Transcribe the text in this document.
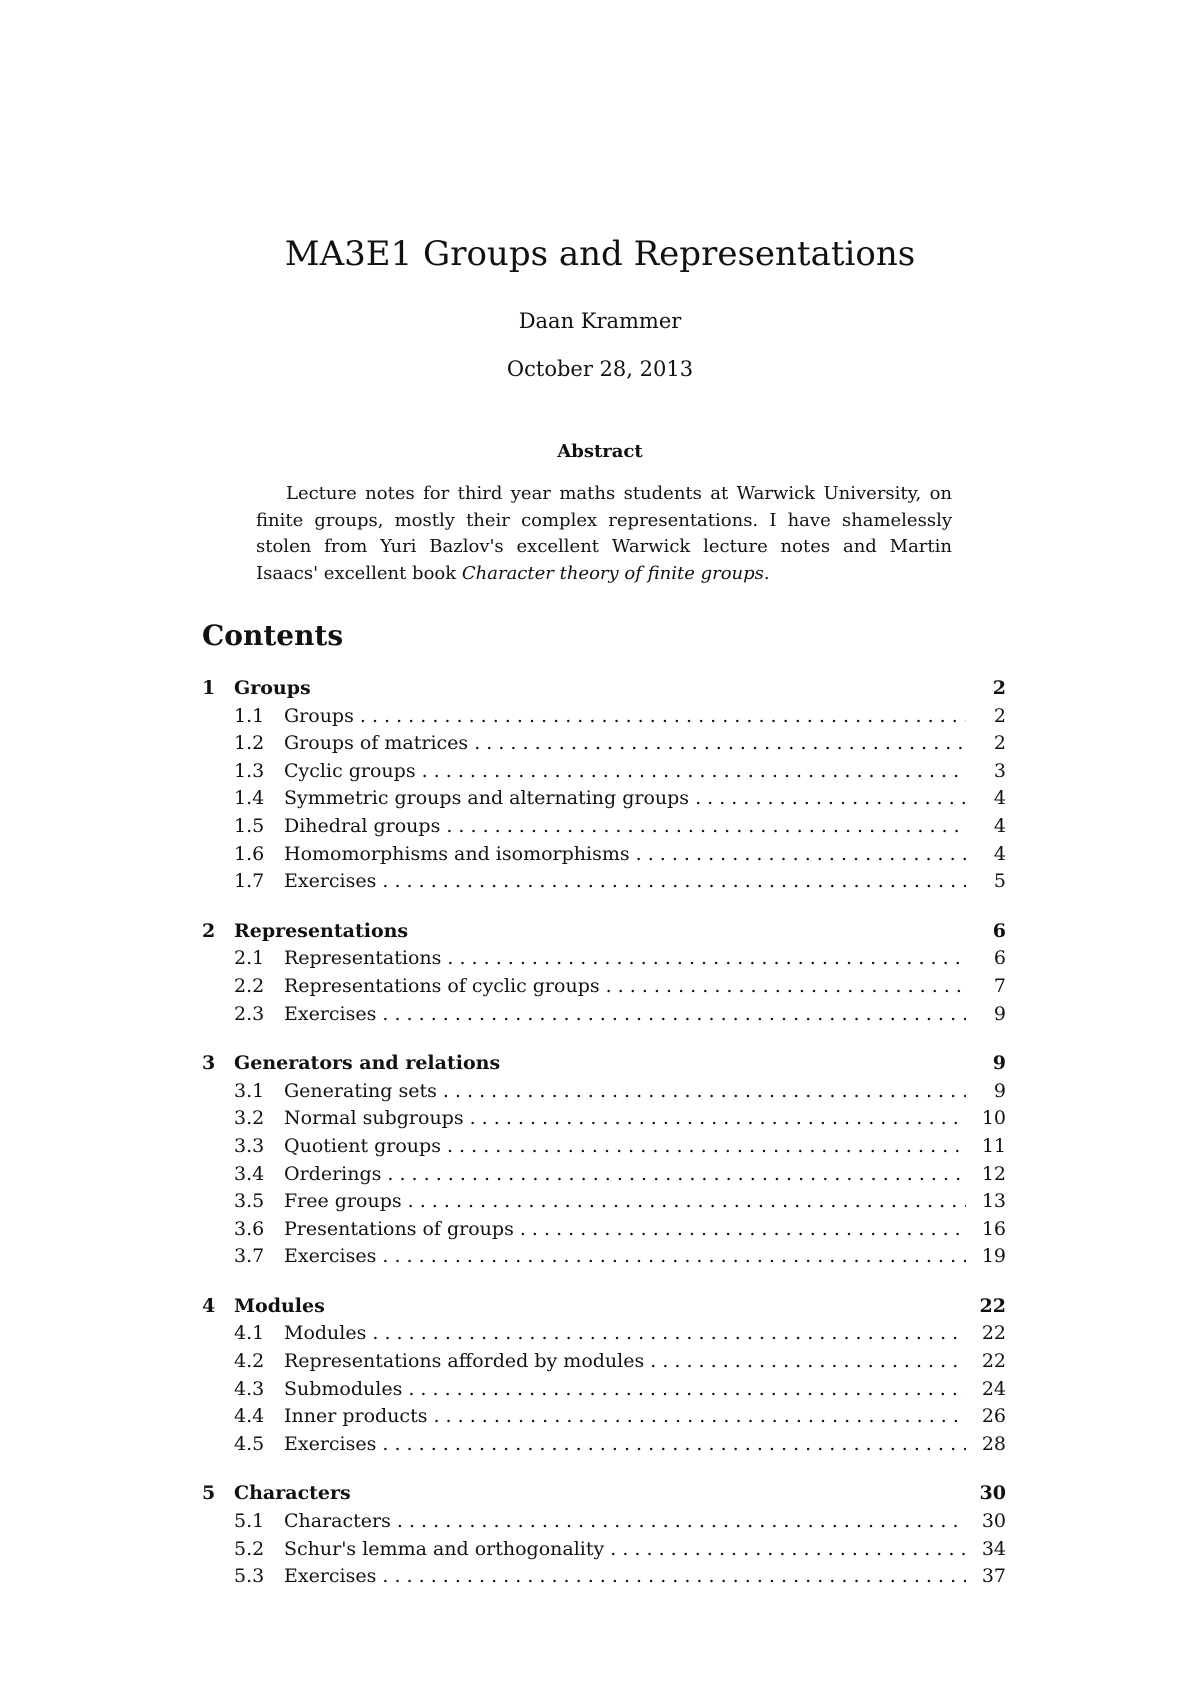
MA3E1 Groups and Representations
Daan Krammer
October 28, 2013
Abstract
Lecture notes for third year maths students at Warwick University, on finite groups, mostly their complex representations. I have shamelessly stolen from Yuri Bazlov's excellent Warwick lecture notes and Martin Isaacs' excellent book Character theory of finite groups.
Contents
1 Groups	2
1.1	Groups . . .	2
1.2	Groups of matrices . . .	2
1.3	Cyclic groups . . .	3
1.4	Symmetric groups and alternating groups . . .	4
1.5	Dihedral groups . . .	4
1.6	Homomorphisms and isomorphisms . . .	4
1.7	Exercises . . .	5
2 Representations	6
2.1	Representations . . .	6
2.2	Representations of cyclic groups . . .	7
2.3	Exercises . . .	9
3 Generators and relations	9
3.1	Generating sets . . .	9
3.2	Normal subgroups . . .	10
3.3	Quotient groups . . .	11
3.4	Orderings . . .	12
3.5	Free groups . . .	13
3.6	Presentations of groups . . .	16
3.7	Exercises . . .	19
4 Modules	22
4.1	Modules . . .	22
4.2	Representations afforded by modules . . .	22
4.3	Submodules . . .	24
4.4	Inner products . . .	26
4.5	Exercises . . .	28
5 Characters	30
5.1	Characters . . .	30
5.2	Schur's lemma and orthogonality . . .	34
5.3	Exercises . . .	37
